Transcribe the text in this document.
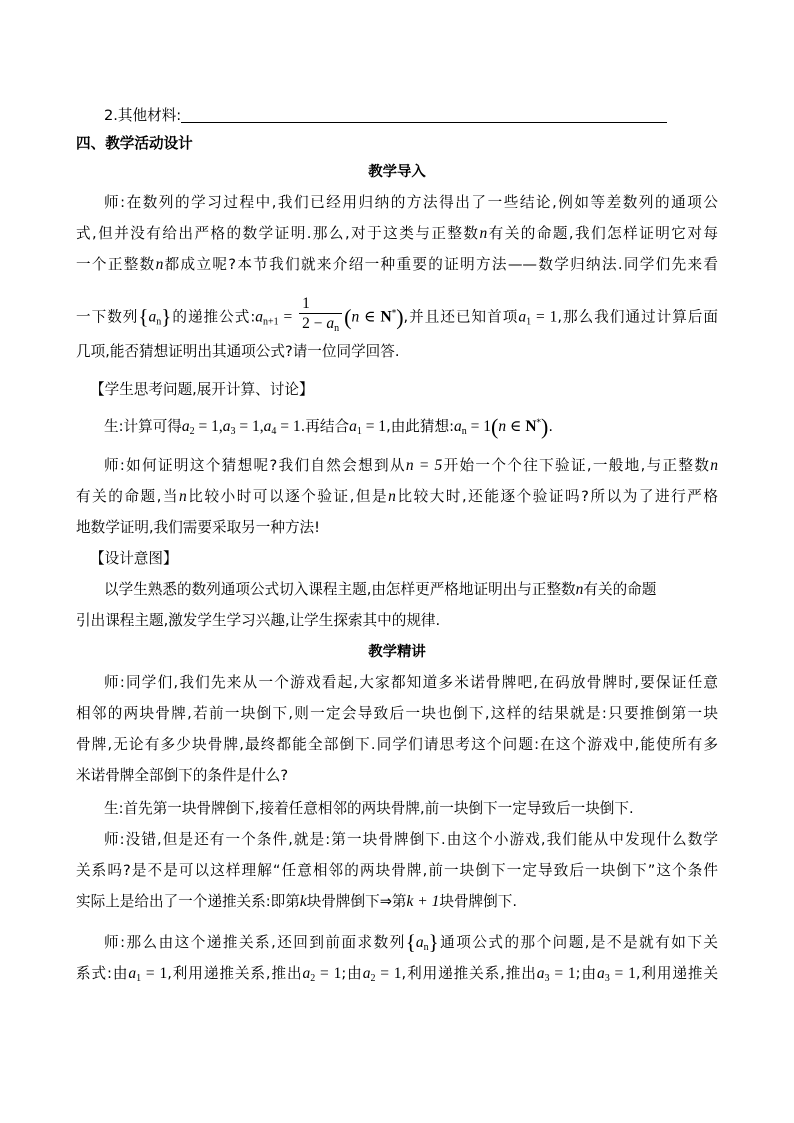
2.其他材料:
四、教学活动设计
教学导入
师:在数列的学习过程中,我们已经用归纳的方法得出了一些结论,例如等差数列的通项公
式,但并没有给出严格的数学证明.那么,对于这类与正整数n有关的命题,我们怎样证明它对每
一个正整数n都成立呢?本节我们就来介绍一种重要的证明方法——数学归纳法.同学们先来看
一下数列$\{a_n\}$的递推公式$:a_{n+1} = \frac{1}{2 - a_n} (n$ ∈ N*),并且还已知首项$a_1 = 1$,那么我们通过计算后面
几项,能否猜想证明出其通项公式?请一位同学回答.
【学生思考问题,展开计算、讨论】
生:计算可得$a_2 = 1,a_3 = 1,a_4 = 1$.再结合$a_1 = 1$,由此猜想$:a_n = 1(n$ ∈ N*).
师:如何证明这个猜想呢?我们自然会想到从n = 5开始一个个往下验证,一般地,与正整数n
有关的命题,当n比较小时可以逐个验证,但是n比较大时,还能逐个验证吗?所以为了进行严格
地数学证明,我们需要采取另一种方法!
【设计意图】
以学生熟悉的数列通项公式切入课程主题,由怎样更严格地证明出与正整数n有关的命题
引出课程主题,激发学生学习兴趣,让学生探索其中的规律.
教学精讲
师:同学们,我们先来从一个游戏看起,大家都知道多米诺骨牌吧,在码放骨牌时,要保证任意
相邻的两块骨牌,若前一块倒下,则一定会导致后一块也倒下,这样的结果就是:只要推倒第一块
骨牌,无论有多少块骨牌,最终都能全部倒下.同学们请思考这个问题:在这个游戏中,能使所有多
米诺骨牌全部倒下的条件是什么?
生:首先第一块骨牌倒下,接着任意相邻的两块骨牌,前一块倒下一定导致后一块倒下.
师:没错,但是还有一个条件,就是:第一块骨牌倒下.由这个小游戏,我们能从中发现什么数学
关系吗?是不是可以这样理解“任意相邻的两块骨牌,前一块倒下一定导致后一块倒下”这个条件
实际上是给出了一个递推关系:即第k块骨牌倒下⇒第k + 1块骨牌倒下.
师:那么由这个递推关系,还回到前面求数列$\{a_n\}$通项公式的那个问题,是不是就有如下关
系式:由$a_1 = 1$,利用递推关系,推出$a_2 = 1$;由$a_2 = 1$,利用递推关系,推出$a_3 = 1$;由$a_3 = 1$,利用递推关
